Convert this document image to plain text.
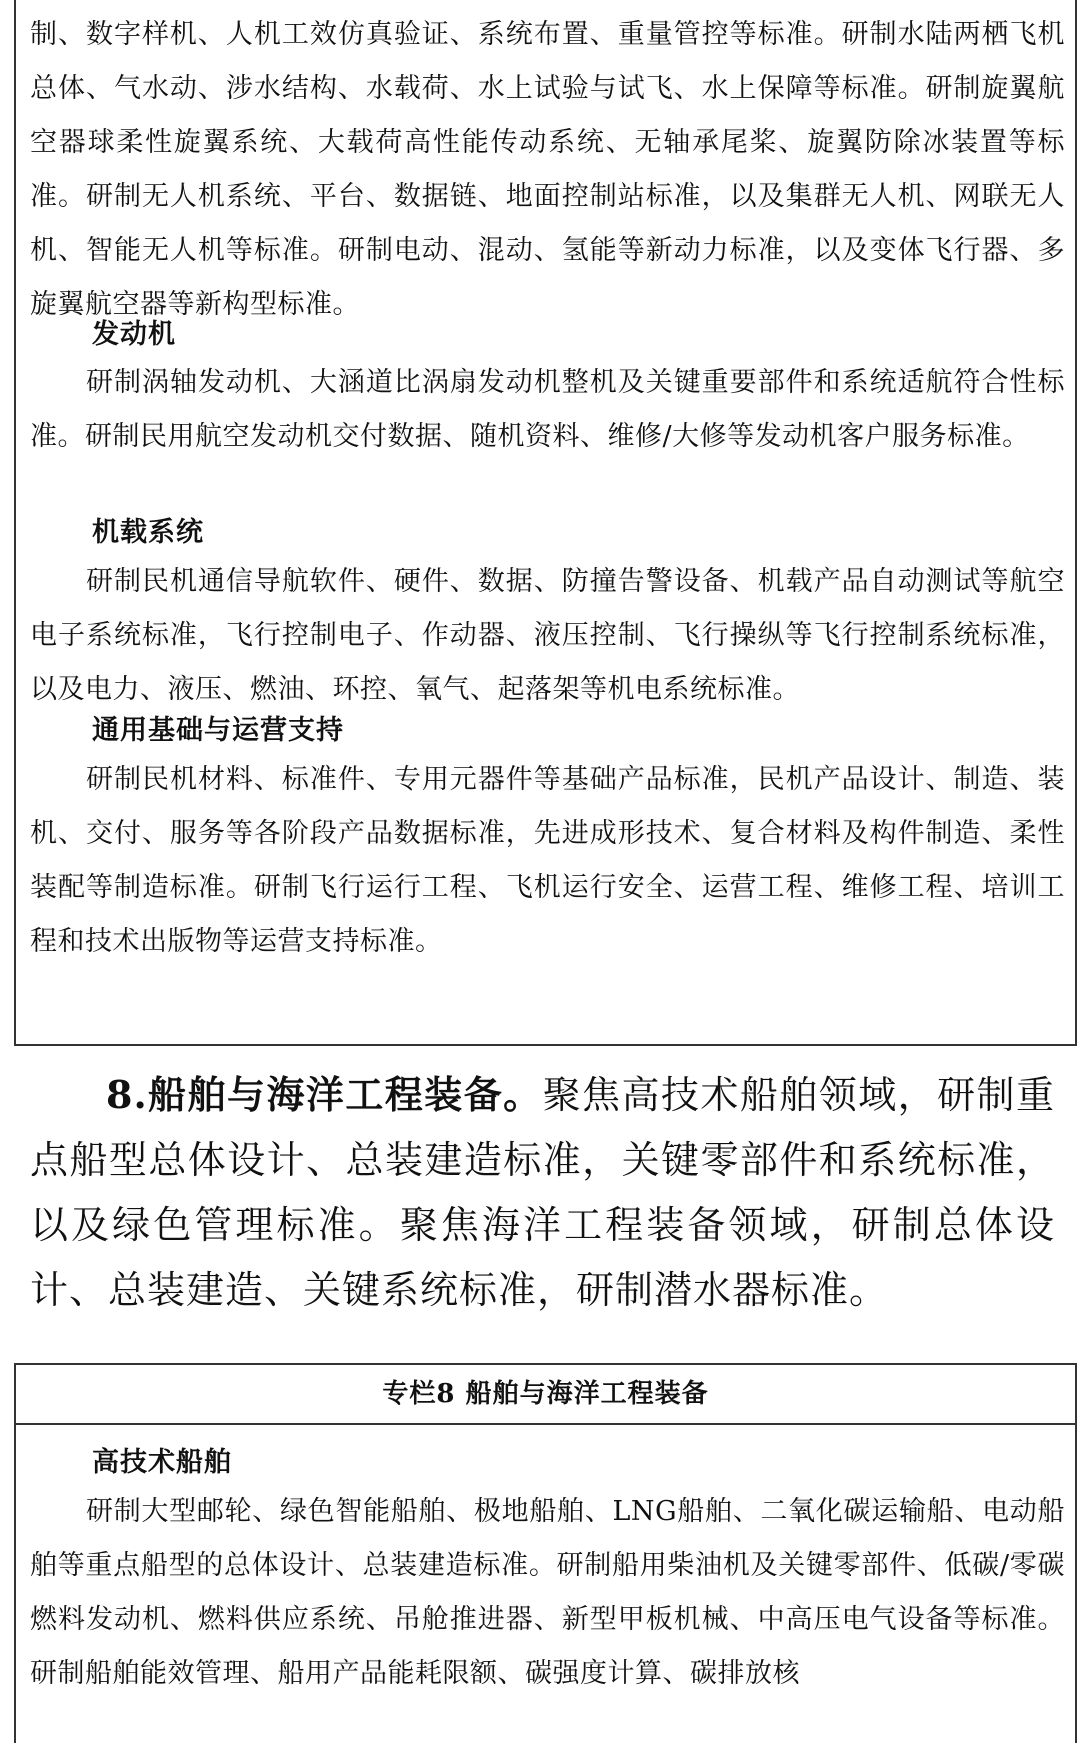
制、数字样机、人机工效仿真验证、系统布置、重量管控等标准。研制水陆两栖飞机总体、气水动、涉水结构、水载荷、水上试验与试飞、水上保障等标准。研制旋翼航空器球柔性旋翼系统、大载荷高性能传动系统、无轴承尾桨、旋翼防除冰装置等标准。研制无人机系统、平台、数据链、地面控制站标准，以及集群无人机、网联无人机、智能无人机等标准。研制电动、混动、氢能等新动力标准，以及变体飞行器、多旋翼航空器等新构型标准。

发动机

研制涡轴发动机、大涵道比涡扇发动机整机及关键重要部件和系统适航符合性标准。研制民用航空发动机交付数据、随机资料、维修/大修等发动机客户服务标准。

机载系统

研制民机通信导航软件、硬件、数据、防撞告警设备、机载产品自动测试等航空电子系统标准，飞行控制电子、作动器、液压控制、飞行操纵等飞行控制系统标准，以及电力、液压、燃油、环控、氧气、起落架等机电系统标准。

通用基础与运营支持

研制民机材料、标准件、专用元器件等基础产品标准，民机产品设计、制造、装机、交付、服务等各阶段产品数据标准，先进成形技术、复合材料及构件制造、柔性装配等制造标准。研制飞行运行工程、飞机运行安全、运营工程、维修工程、培训工程和技术出版物等运营支持标准。

8.船舶与海洋工程装备。聚焦高技术船舶领域，研制重点船型总体设计、总装建造标准，关键零部件和系统标准，以及绿色管理标准。聚焦海洋工程装备领域，研制总体设计、总装建造、关键系统标准，研制潜水器标准。

专栏8 船舶与海洋工程装备
高技术船舶

研制大型邮轮、绿色智能船舶、极地船舶、LNG船舶、二氧化碳运输船、电动船舶等重点船型的总体设计、总装建造标准。研制船用柴油机及关键零部件、低碳/零碳燃料发动机、燃料供应系统、吊舱推进器、新型甲板机械、中高压电气设备等标准。研制船舶能效管理、船用产品能耗限额、碳强度计算、碳排放核
